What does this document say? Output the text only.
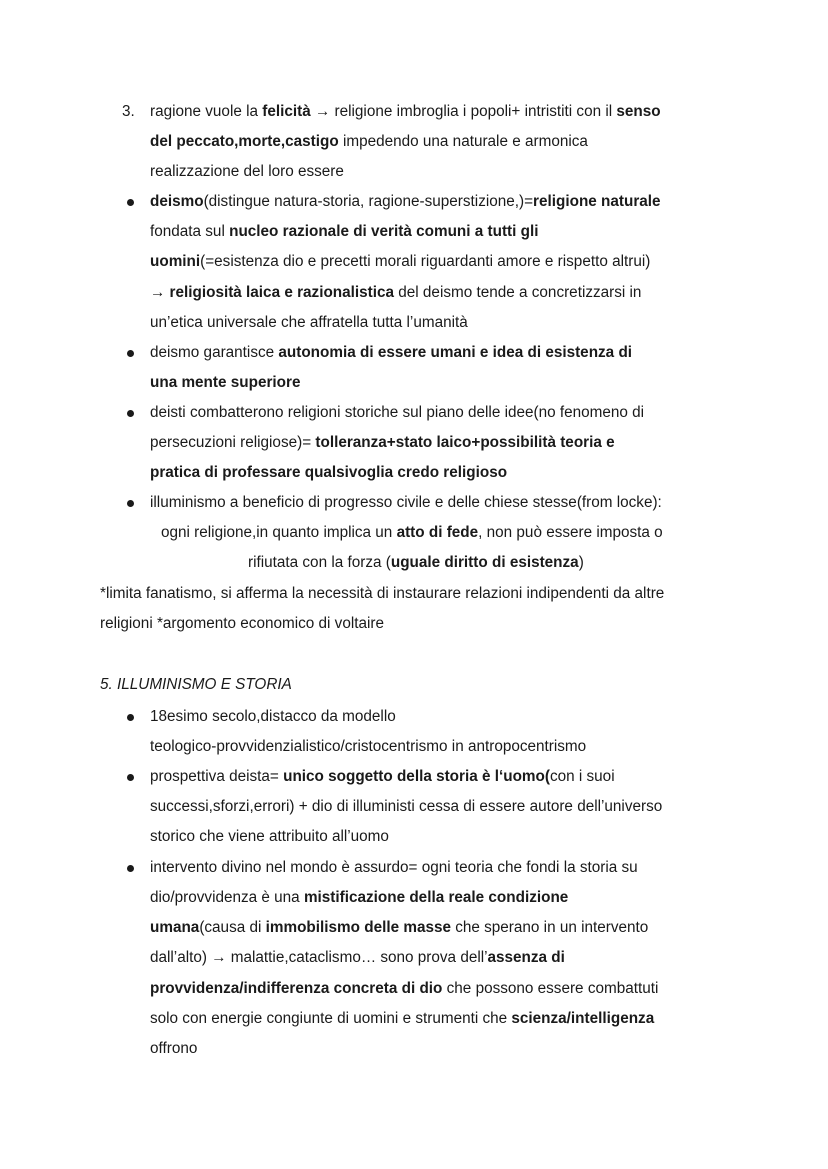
3. ragione vuole la felicità → religione imbroglia i popoli+ intristiti con il senso

del peccato,morte,castigo impedendo una naturale e armonica

realizzazione del loro essere

deismo(distingue natura-storia, ragione-superstizione,)=religione naturale

fondata sul nucleo razionale di verità comuni a tutti gli

uomini(=esistenza dio e precetti morali riguardanti amore e rispetto altrui)

→ religiosità laica e razionalistica del deismo tende a concretizzarsi in

un’etica universale che affratella tutta l’umanità

deismo garantisce autonomia di essere umani e idea di esistenza di

una mente superiore

deisti combatterono religioni storiche sul piano delle idee(no fenomeno di

persecuzioni religiose)= tolleranza+stato laico+possibilità teoria e

pratica di professare qualsivoglia credo religioso

illuminismo a beneficio di progresso civile e delle chiese stesse(from locke):

ogni religione,in quanto implica un atto di fede, non può essere imposta o

rifiutata con la forza (uguale diritto di esistenza)

*limita fanatismo, si afferma la necessità di instaurare relazioni indipendenti da altre

religioni *argomento economico di voltaire

5. ILLUMINISMO E STORIA

18esimo secolo,distacco da modello

teologico-provvidenzialistico/cristocentrismo in antropocentrismo

prospettiva deista= unico soggetto della storia è l‘uomo(con i suoi

successi,sforzi,errori) + dio di illuministi cessa di essere autore dell’universo

storico che viene attribuito all’uomo

intervento divino nel mondo è assurdo= ogni teoria che fondi la storia su

dio/provvidenza è una mistificazione della reale condizione

umana(causa di immobilismo delle masse che sperano in un intervento

dall’alto) → malattie,cataclismo… sono prova dell’assenza di

provvidenza/indifferenza concreta di dio che possono essere combattuti

solo con energie congiunte di uomini e strumenti che scienza/intelligenza

offrono
